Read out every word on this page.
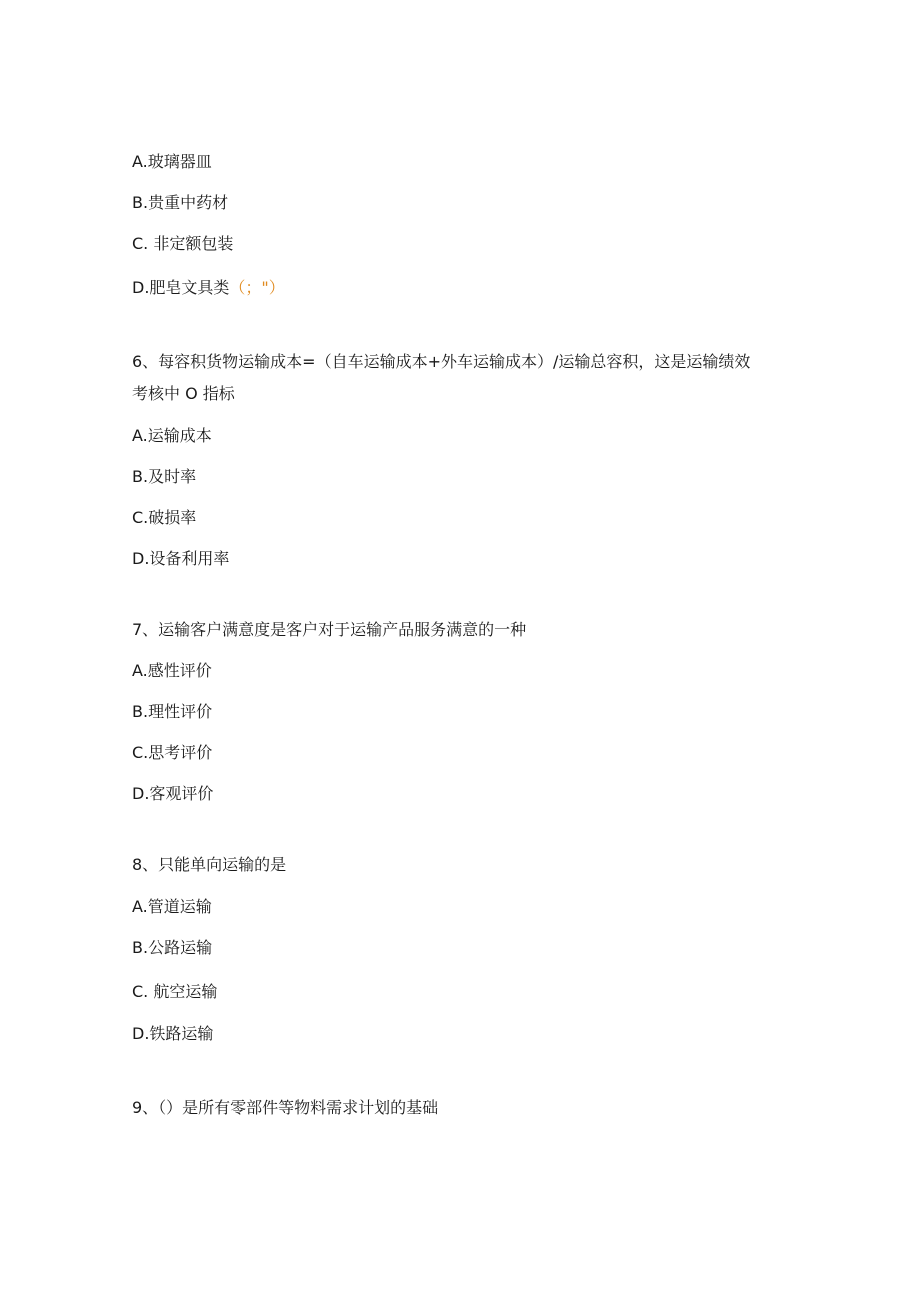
A.玻璃器皿
B.贵重中药材
C. 非定额包装
D.肥皂文具类（；"）
6、每容积货物运输成本=（自车运输成本+外车运输成本）/运输总容积，这是运输绩效
考核中 O 指标
A.运输成本
B.及时率
C.破损率
D.设备利用率
7、运输客户满意度是客户对于运输产品服务满意的一种
A.感性评价
B.理性评价
C.思考评价
D.客观评价
8、只能单向运输的是
A.管道运输
B.公路运输
C. 航空运输
D.铁路运输
9、（）是所有零部件等物料需求计划的基础
